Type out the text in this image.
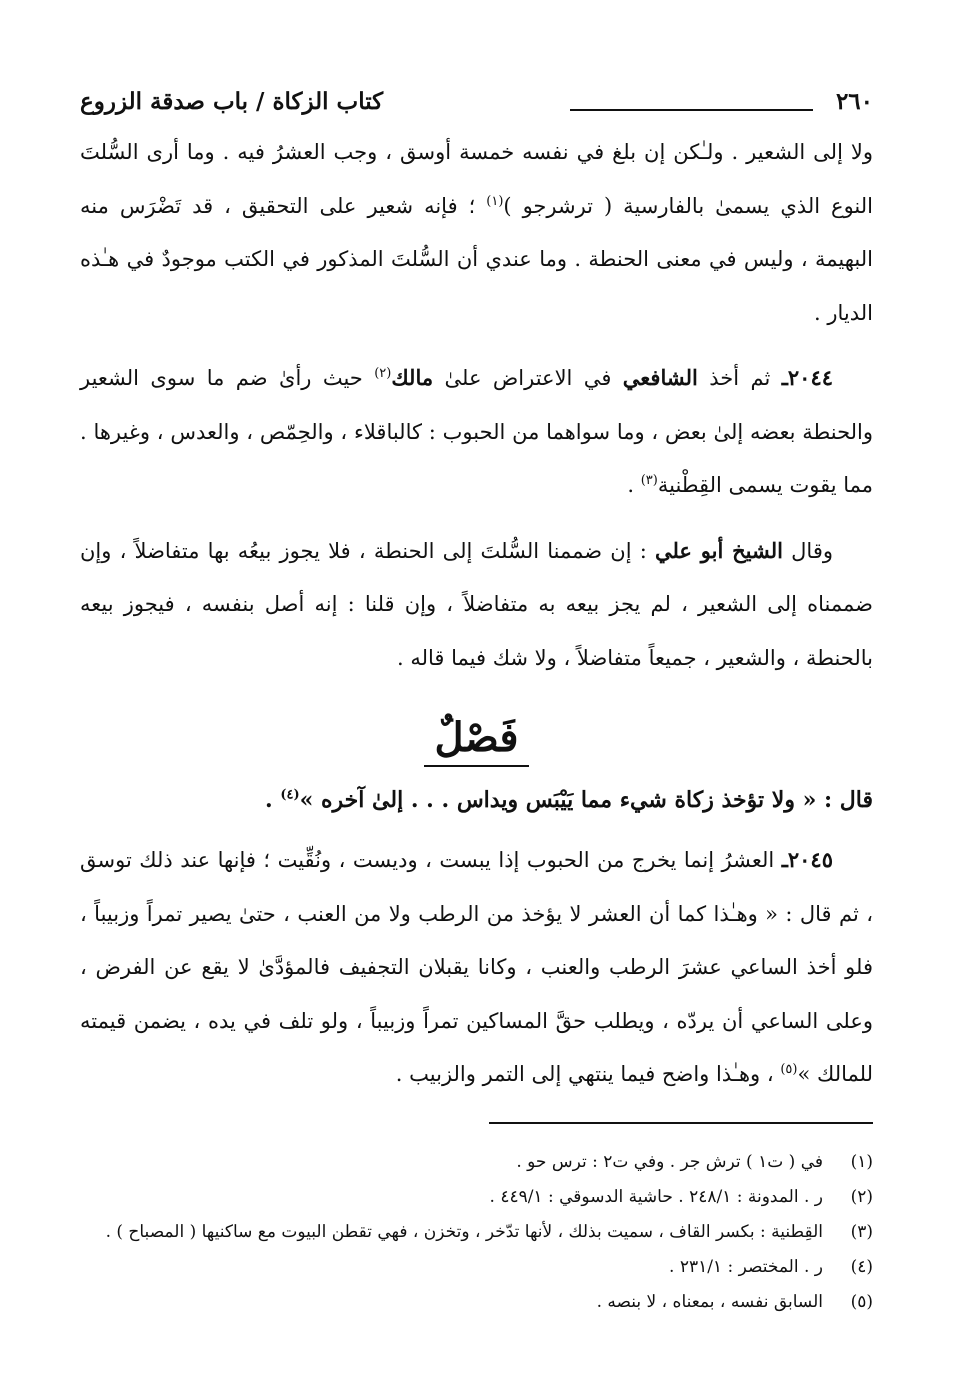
٢٦٠
كتاب الزكاة / باب صدقة الزروع

ولا إلى الشعير . ولـٰكن إن بلغ في نفسه خمسة أوسق ، وجب العشرُ فيه . وما أرى السُّلتَ النوع الذي يسمىٰ بالفارسية ( ترشرجو )$^{(١)}$ ؛ فإنه شعير على التحقيق ، قد تَضْرَس منه البهيمة ، وليس في معنى الحنطة . وما عندي أن السُّلتَ المذكور في الكتب موجودٌ في هـٰذه الديار .

٢٠٤٤ـ ثم أخذ الشافعي في الاعتراض علىٰ مالك$^{(٢)}$ حيث رأىٰ ضم ما سوى الشعير والحنطة بعضه إلىٰ بعض ، وما سواهما من الحبوب : كالباقلاء ، والحِمّص ، والعدس ، وغيرها . مما يقوت يسمى القِطْنية$^{(٣)}$ .

وقال الشيخ أبو علي : إن ضممنا السُّلتَ إلى الحنطة ، فلا يجوز بيعُه بها متفاضلاً ، وإن ضممناه إلى الشعير ، لم يجز بيعه به متفاضلاً ، وإن قلنا : إنه أصل بنفسه ، فيجوز بيعه بالحنطة ، والشعير ، جميعاً متفاضلاً ، ولا شك فيما قاله .

فَصْلٌ
قال : « ولا تؤخذ زكاة شيء مما يَيْبَس ويداس . . . إلىٰ آخره »$^{(٤)}$ .

٢٠٤٥ـ العشرُ إنما يخرج من الحبوب إذا يبست ، وديست ، ونُقِّيت ؛ فإنها عند ذلك توسق ، ثم قال : « وهـٰذا كما أن العشر لا يؤخذ من الرطب ولا من العنب ، حتىٰ يصير تمراً وزبيباً ، فلو أخذ الساعي عشرَ الرطب والعنب ، وكانا يقبلان التجفيف فالمؤدَّىٰ لا يقع عن الفرض ، وعلى الساعي أن يردّه ، ويطلب حقَّ المساكين تمراً وزبيباً ، ولو تلف في يده ، يضمن قيمته للمالك »$^{(٥)}$ ، وهـٰذا واضح فيما ينتهي إلى التمر والزبيب .

(١)
في ( ت١ ) ترش جر . وفي ت٢ : ترس حو .
(٢)
ر . المدونة : ٢٤٨/١ . حاشية الدسوقي : ٤٤٩/١ .
(٣)
القِطنية : بكسر القاف ، سميت بذلك ، لأنها تدّخر ، وتخزن ، فهي تقطن البيوت مع ساكنيها ( المصباح ) .
(٤)
ر . المختصر : ٢٣١/١ .
(٥)
السابق نفسه ، بمعناه ، لا بنصه .
